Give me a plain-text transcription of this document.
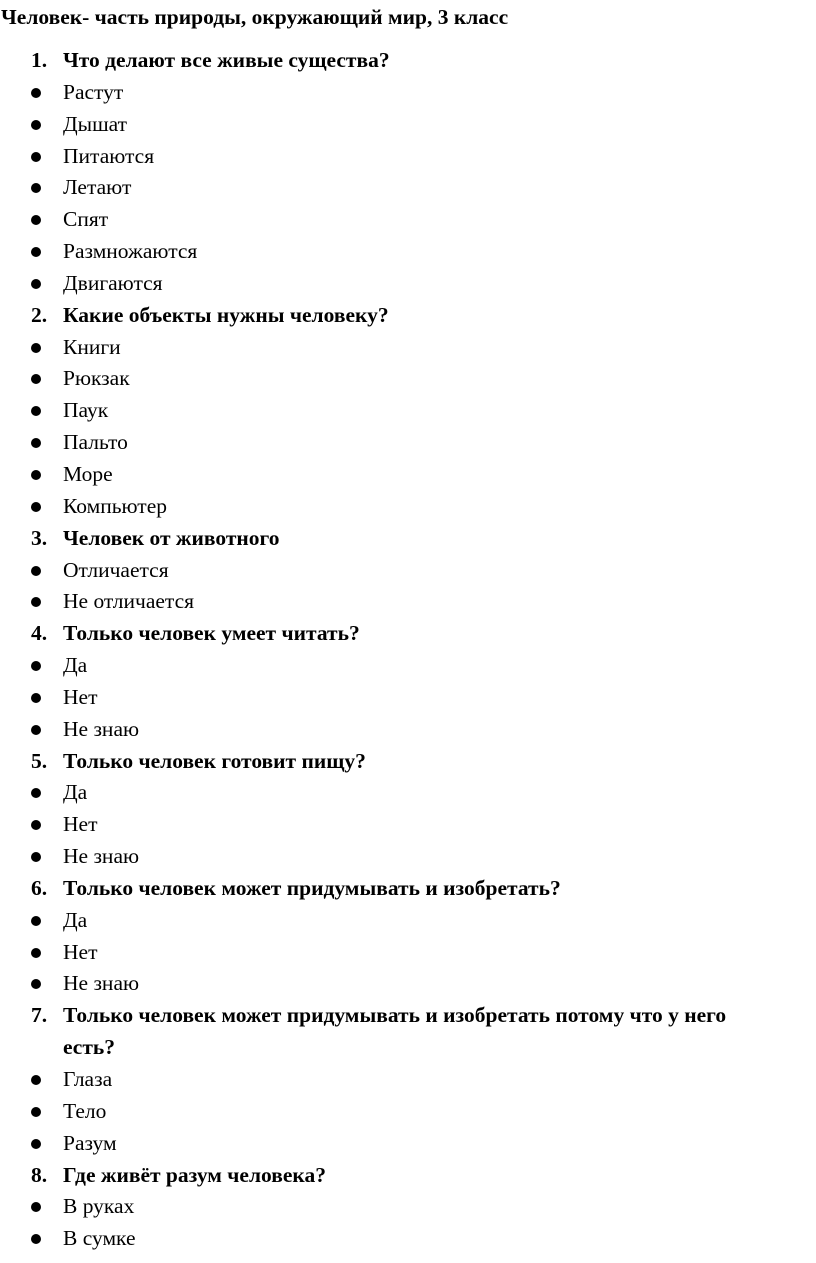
Человек- часть природы, окружающий мир, 3 класс
1. Что делают все живые существа?
Растут
Дышат
Питаются
Летают
Спят
Размножаются
Двигаются
2. Какие объекты нужны человеку?
Книги
Рюкзак
Паук
Пальто
Море
Компьютер
3. Человек от животного
Отличается
Не отличается
4. Только человек умеет читать?
Да
Нет
Не знаю
5. Только человек готовит пищу?
Да
Нет
Не знаю
6. Только человек может придумывать и изобретать?
Да
Нет
Не знаю
7. Только человек может придумывать и изобретать потому что у него есть?
Глаза
Тело
Разум
8. Где живёт разум человека?
В руках
В сумке
